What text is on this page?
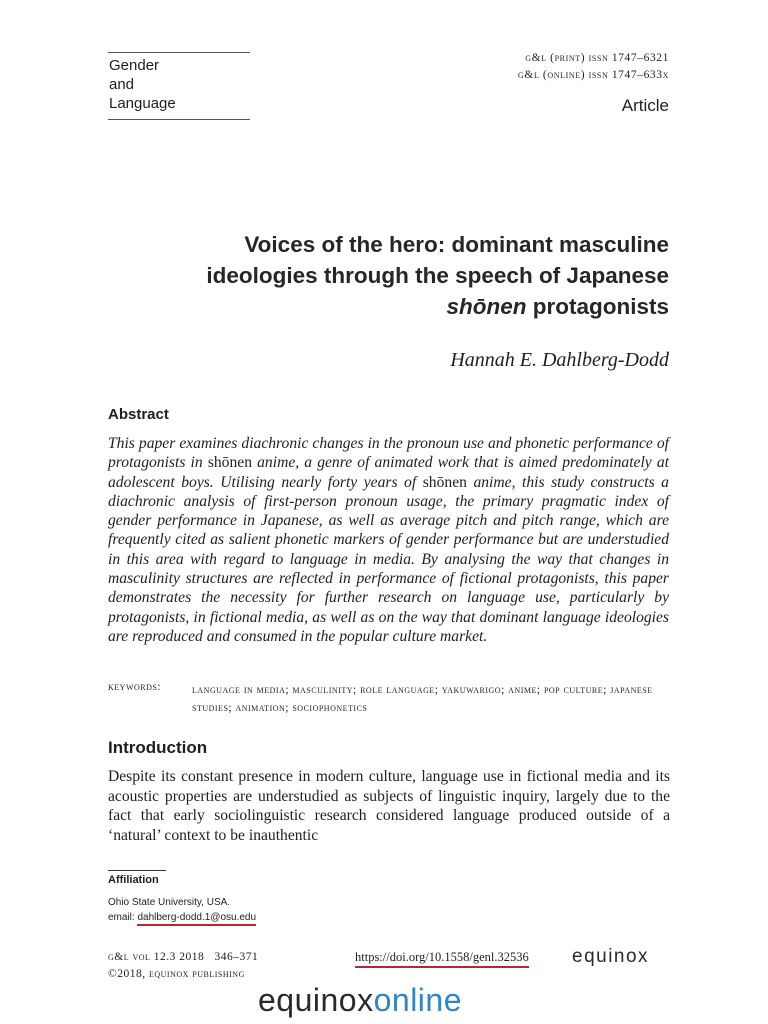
Gender
and
Language
g&l (print) issn 1747–6321
g&l (online) issn 1747–633x
Article
Voices of the hero: dominant masculine
ideologies through the speech of Japanese
shōnen protagonists
Hannah E. Dahlberg-Dodd
Abstract
This paper examines diachronic changes in the pronoun use and phonetic performance of protagonists in shōnen anime, a genre of animated work that is aimed predominately at adolescent boys. Utilising nearly forty years of shōnen anime, this study constructs a diachronic analysis of first-person pronoun usage, the primary pragmatic index of gender performance in Japanese, as well as average pitch and pitch range, which are frequently cited as salient phonetic markers of gender performance but are understudied in this area with regard to language in media. By analysing the way that changes in masculinity structures are reflected in performance of fictional protagonists, this paper demonstrates the necessity for further research on language use, particularly by protagonists, in fictional media, as well as on the way that dominant language ideologies are reproduced and consumed in the popular culture market.
keywords:	language in media; masculinity; role language; yakuwarigo; anime; pop culture; japanese studies; animation; sociophonetics
Introduction
Despite its constant presence in modern culture, language use in fictional media and its acoustic properties are understudied as subjects of linguistic inquiry, largely due to the fact that early sociolinguistic research considered language produced outside of a ‘natural’ context to be inauthentic
Affiliation
Ohio State University, USA.
email: dahlberg-dodd.1@osu.edu
g&l vol 12.3 2018 346–371
©2018, equinox publishing
https://doi.org/10.1558/genl.32536 equinox
equinoxonline
